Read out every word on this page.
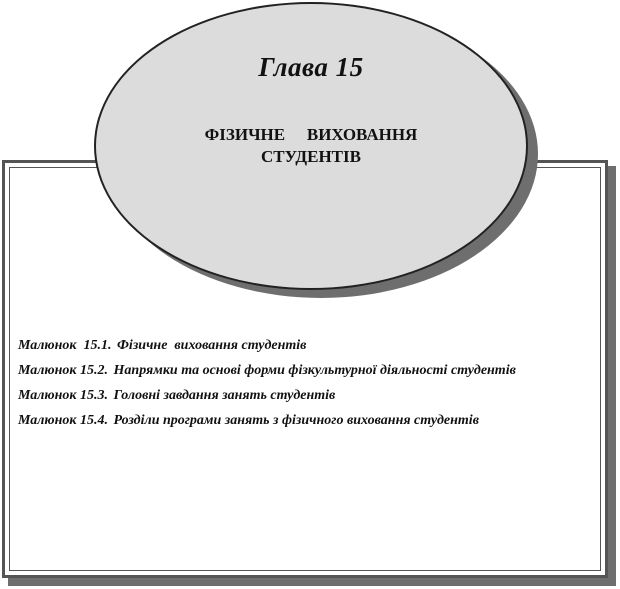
Глава 15
ФІЗИЧНЕ   ВИХОВАННЯ
СТУДЕНТІВ
Малюнок  15.1. Фізичне  виховання студентів
Малюнок 15.2. Напрямки та основі форми фізкультурної діяльності студентів
Малюнок 15.3. Головні завдання занять студентів
Малюнок 15.4. Розділи програми занять з фізичного виховання студентів
